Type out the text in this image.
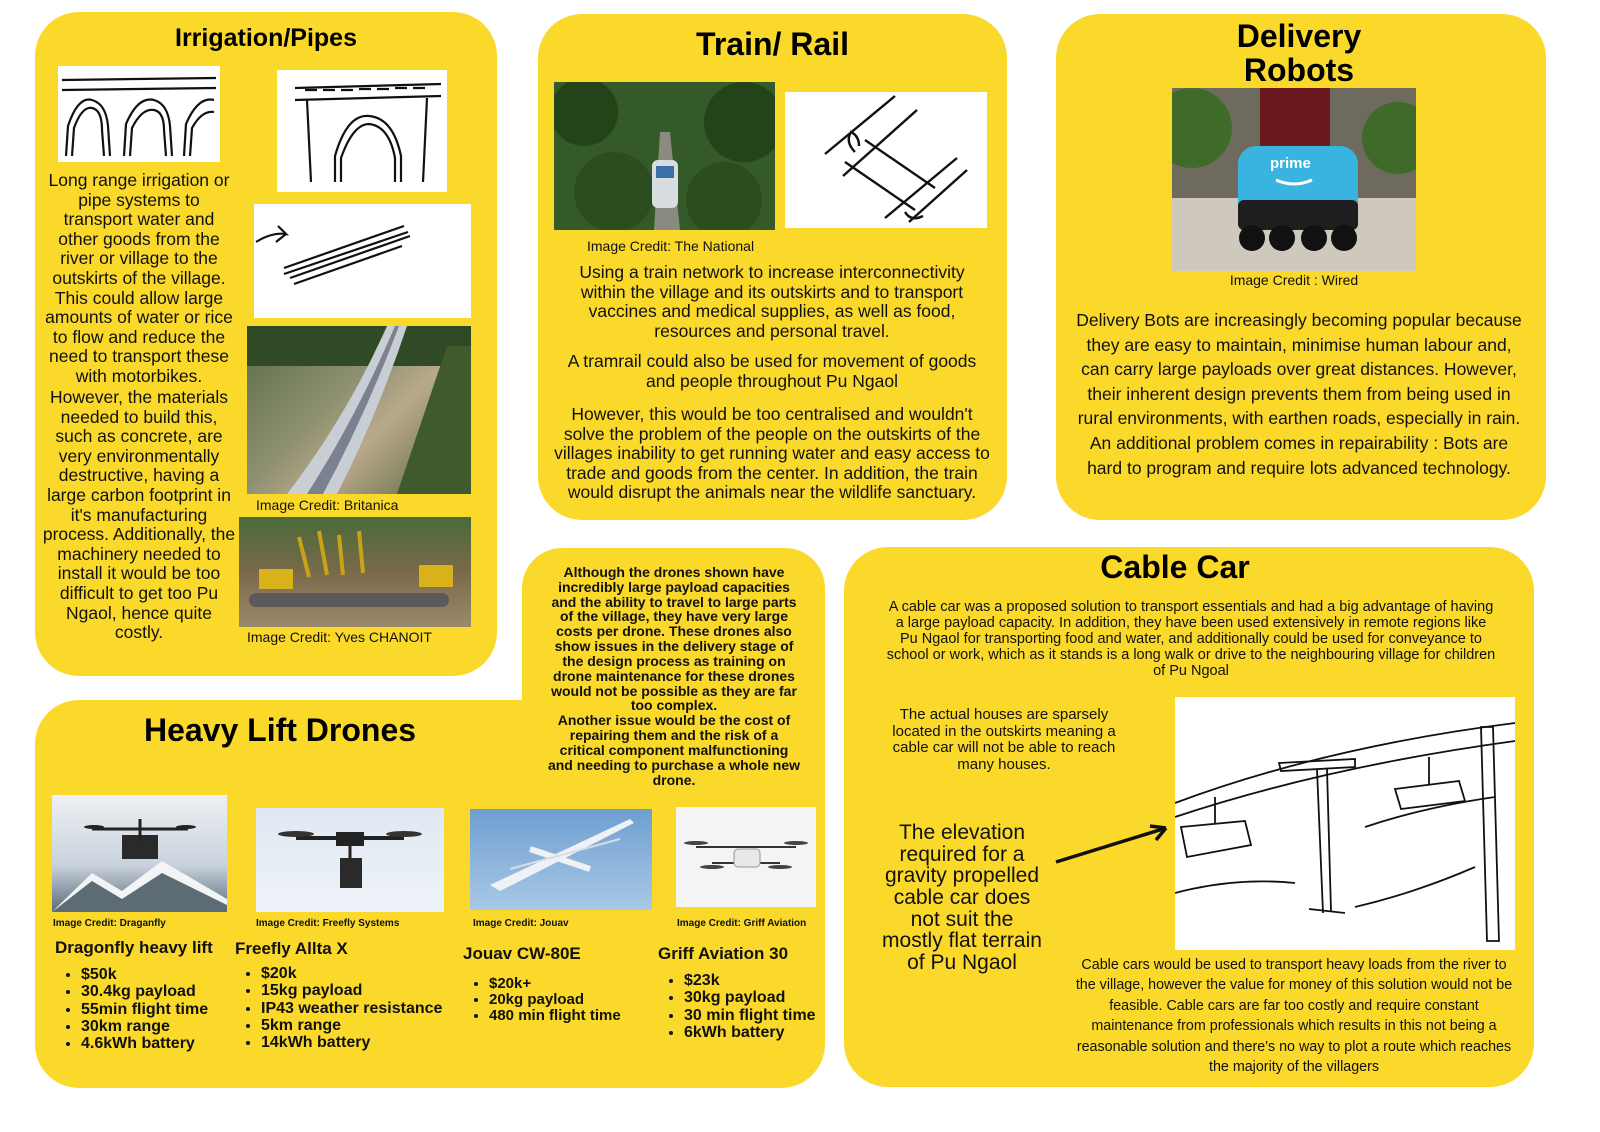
Irrigation/Pipes
Image Credit: Britanica
Image Credit: Yves CHANOIT
Long range irrigation or pipe systems to transport water and other goods from the river or village to the outskirts of the village. This could allow large amounts of water or rice to flow and reduce the need to transport these with motorbikes.
However, the materials needed to build this, such as concrete, are very environmentally destructive, having a large carbon footprint in it's manufacturing process. Additionally, the machinery needed to install it would be too difficult to get too Pu Ngaol, hence quite costly.
Train/ Rail
Image Credit: The National
Using a train network to increase interconnectivity within the village and its outskirts and to transport vaccines and medical supplies, as well as food, resources and personal travel.
A tramrail could also be used for movement of goods and people throughout Pu Ngaol
However, this would be too centralised and wouldn't solve the problem of the people on the outskirts of the villages inability to get running water and easy access to trade and goods from the center. In addition, the train would disrupt the animals near the wildlife sanctuary.
Delivery
Robots
prime
Image Credit : Wired
Delivery Bots are increasingly becoming popular because they are easy to maintain, minimise human labour and, can carry large payloads over great distances. However, their inherent design prevents them from being used in rural environments, with earthen roads, especially in rain. An additional problem comes in repairability : Bots are hard to program and require lots advanced technology.
Although the drones shown have incredibly large payload capacities and the ability to travel to large parts of the village, they have very large costs per drone. These drones also show issues in the delivery stage of the design process as training on drone maintenance for these drones would not be possible as they are far too complex.
Another issue would be the cost of repairing them and the risk of a critical component malfunctioning and needing to purchase a whole new drone.
Heavy Lift Drones
Image Credit: Draganfly	Image Credit: Freefly Systems	Image Credit: Jouav	Image Credit: Griff Aviation
Dragonfly heavy lift
• $50k
• 30.4kg payload
• 55min flight time
• 30km range
• 4.6kWh battery
Freefly Allta X
• $20k
• 15kg payload
• IP43 weather resistance
• 5km range
• 14kWh battery
Jouav CW-80E
• $20k+
• 20kg payload
• 480 min flight time
Griff Aviation 30
• $23k
• 30kg payload
• 30 min flight time
• 6kWh battery
Cable Car
A cable car was a proposed solution to transport essentials and had a big advantage of having a large payload capacity. In addition, they have been used extensively in remote regions like Pu Ngaol for transporting food and water, and additionally could be used for conveyance to school or work, which as it stands is a long walk or drive to the neighbouring village for children of Pu Ngoal
The actual houses are sparsely located in the outskirts meaning a cable car will not be able to reach many houses.
The elevation required for a gravity propelled cable car does not suit the mostly flat terrain of Pu Ngaol	Cable cars would be used to transport heavy loads from the river to the village, however the value for money of this solution would not be feasible. Cable cars are far too costly and require constant maintenance from professionals which results in this not being a reasonable solution and there's no way to plot a route which reaches the majority of the villagers
